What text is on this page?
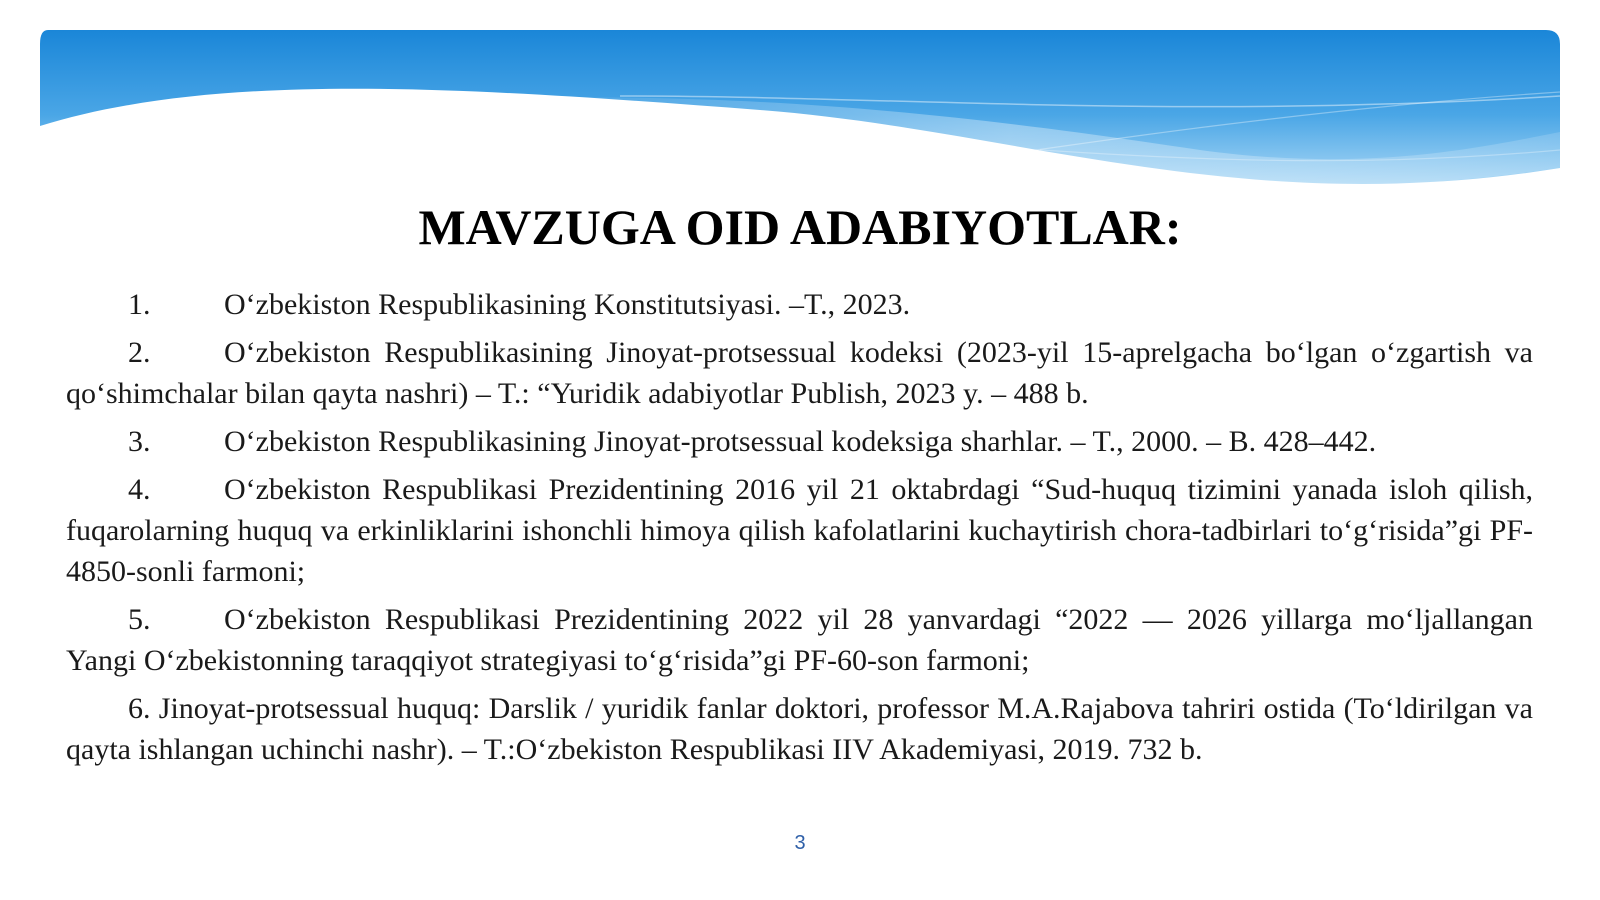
MAVZUGA OID ADABIYOTLAR:
1. O‘zbekiston Respublikasining Konstitutsiyasi. –T., 2023.
2. O‘zbekiston Respublikasining Jinoyat-protsessual kodeksi (2023-yil 15-aprelgacha bo‘lgan o‘zgartish va qo‘shimchalar bilan qayta nashri) – T.: “Yuridik adabiyotlar Publish, 2023 y. – 488 b.
3. O‘zbekiston Respublikasining Jinoyat-protsessual kodeksiga sharhlar. – T., 2000. – B. 428–442.
4. O‘zbekiston Respublikasi Prezidentining 2016 yil 21 oktabrdagi “Sud-huquq tizimini yanada isloh qilish, fuqarolarning huquq va erkinliklarini ishonchli himoya qilish kafolatlarini kuchaytirish chora-tadbirlari to‘g‘risida”gi PF-4850-sonli farmoni;
5. O‘zbekiston Respublikasi Prezidentining 2022 yil 28 yanvardagi “2022 — 2026 yillarga mo‘ljallangan Yangi O‘zbekistonning taraqqiyot strategiyasi to‘g‘risida”gi PF-60-son farmoni;
6. Jinoyat-protsessual huquq: Darslik / yuridik fanlar doktori, professor M.A.Rajabova tahriri ostida (To‘ldirilgan va qayta ishlangan uchinchi nashr). – T.:O‘zbekiston Respublikasi IIV Akademiyasi, 2019. 732 b.
3
